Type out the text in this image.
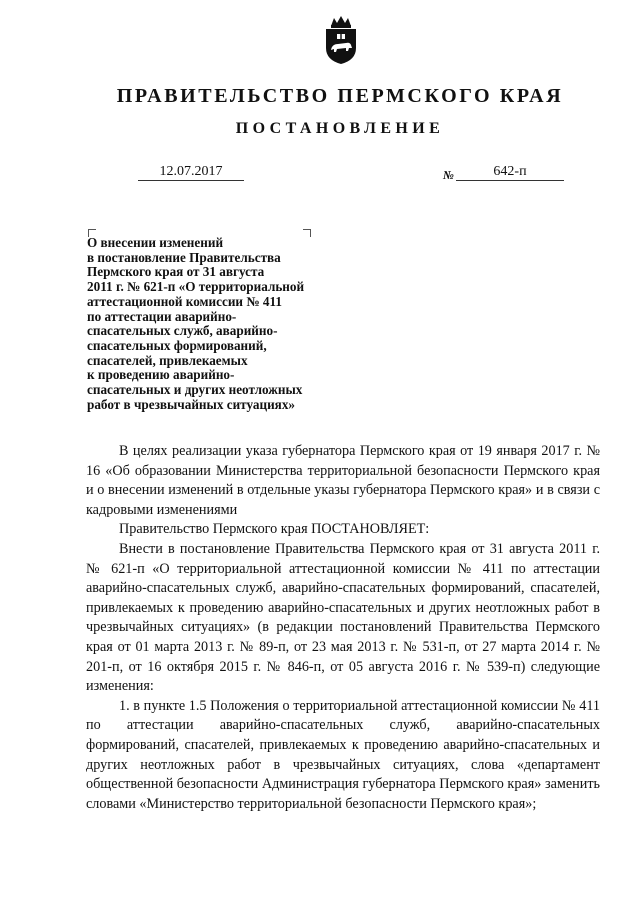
ПРАВИТЕЛЬСТВО ПЕРМСКОГО КРАЯ
ПОСТАНОВЛЕНИЕ
12.07.2017	№	642-п
О внесении изменений
в постановление Правительства
Пермского края от 31 августа
2011 г. № 621-п «О территориальной
аттестационной комиссии № 411
по аттестации аварийно-
спасательных служб, аварийно-
спасательных формирований,
спасателей, привлекаемых
к проведению аварийно-
спасательных и других неотложных
работ в чрезвычайных ситуациях»

В целях реализации указа губернатора Пермского края от 19 января 2017 г. № 16 «Об образовании Министерства территориальной безопасности Пермского края и о внесении изменений в отдельные указы губернатора Пермского края» и в связи с кадровыми изменениями

Правительство Пермского края ПОСТАНОВЛЯЕТ:

Внести в постановление Правительства Пермского края от 31 августа 2011 г. № 621-п «О территориальной аттестационной комиссии № 411 по аттестации аварийно-спасательных служб, аварийно-спасательных формирований, спасателей, привлекаемых к проведению аварийно-спасательных и других неотложных работ в чрезвычайных ситуациях» (в редакции постановлений Правительства Пермского края от 01 марта 2013 г. № 89-п, от 23 мая 2013 г. № 531-п, от 27 марта 2014 г. № 201-п, от 16 октября 2015 г. № 846-п, от 05 августа 2016 г. № 539-п) следующие изменения:

1. в пункте 1.5 Положения о территориальной аттестационной комиссии № 411 по аттестации аварийно-спасательных служб, аварийно-спасательных формирований, спасателей, привлекаемых к проведению аварийно-спасательных и других неотложных работ в чрезвычайных ситуациях, слова «департамент общественной безопасности Администрация губернатора Пермского края» заменить словами «Министерство территориальной безопасности Пермского края»;
